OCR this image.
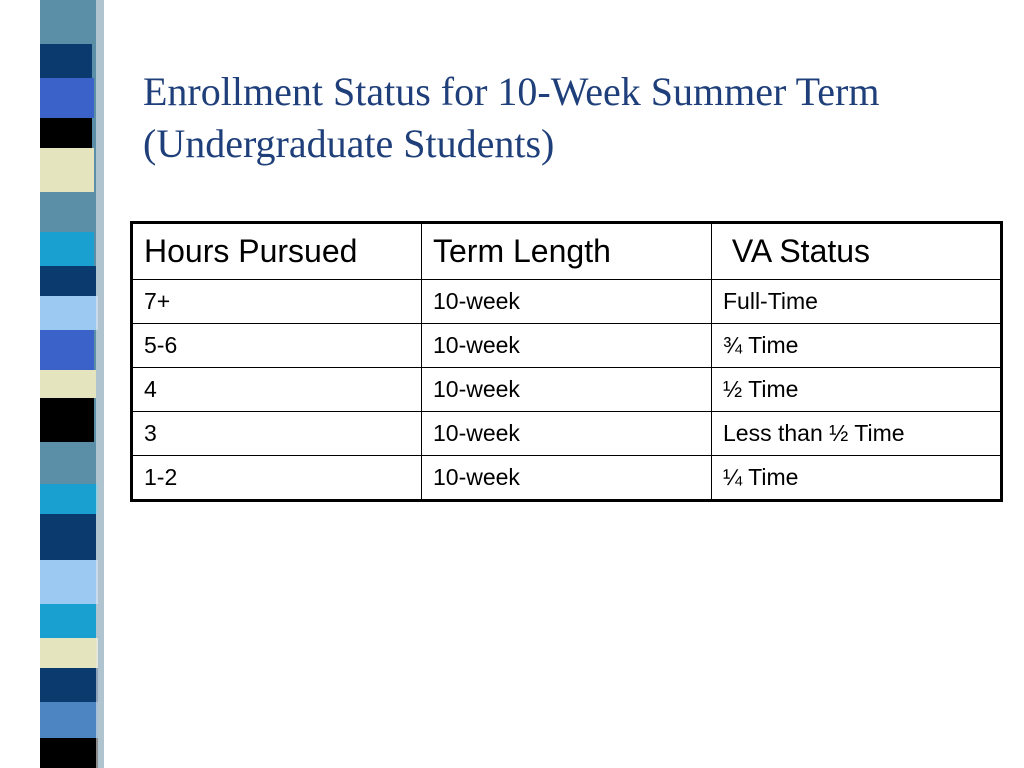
Enrollment Status for 10-Week Summer Term
(Undergraduate Students)
Hours Pursued	Term Length	VA Status
7+	10-week	Full-Time
5-6	10-week	¾ Time
4	10-week	½ Time
3	10-week	Less than ½ Time
1-2	10-week	¼ Time
